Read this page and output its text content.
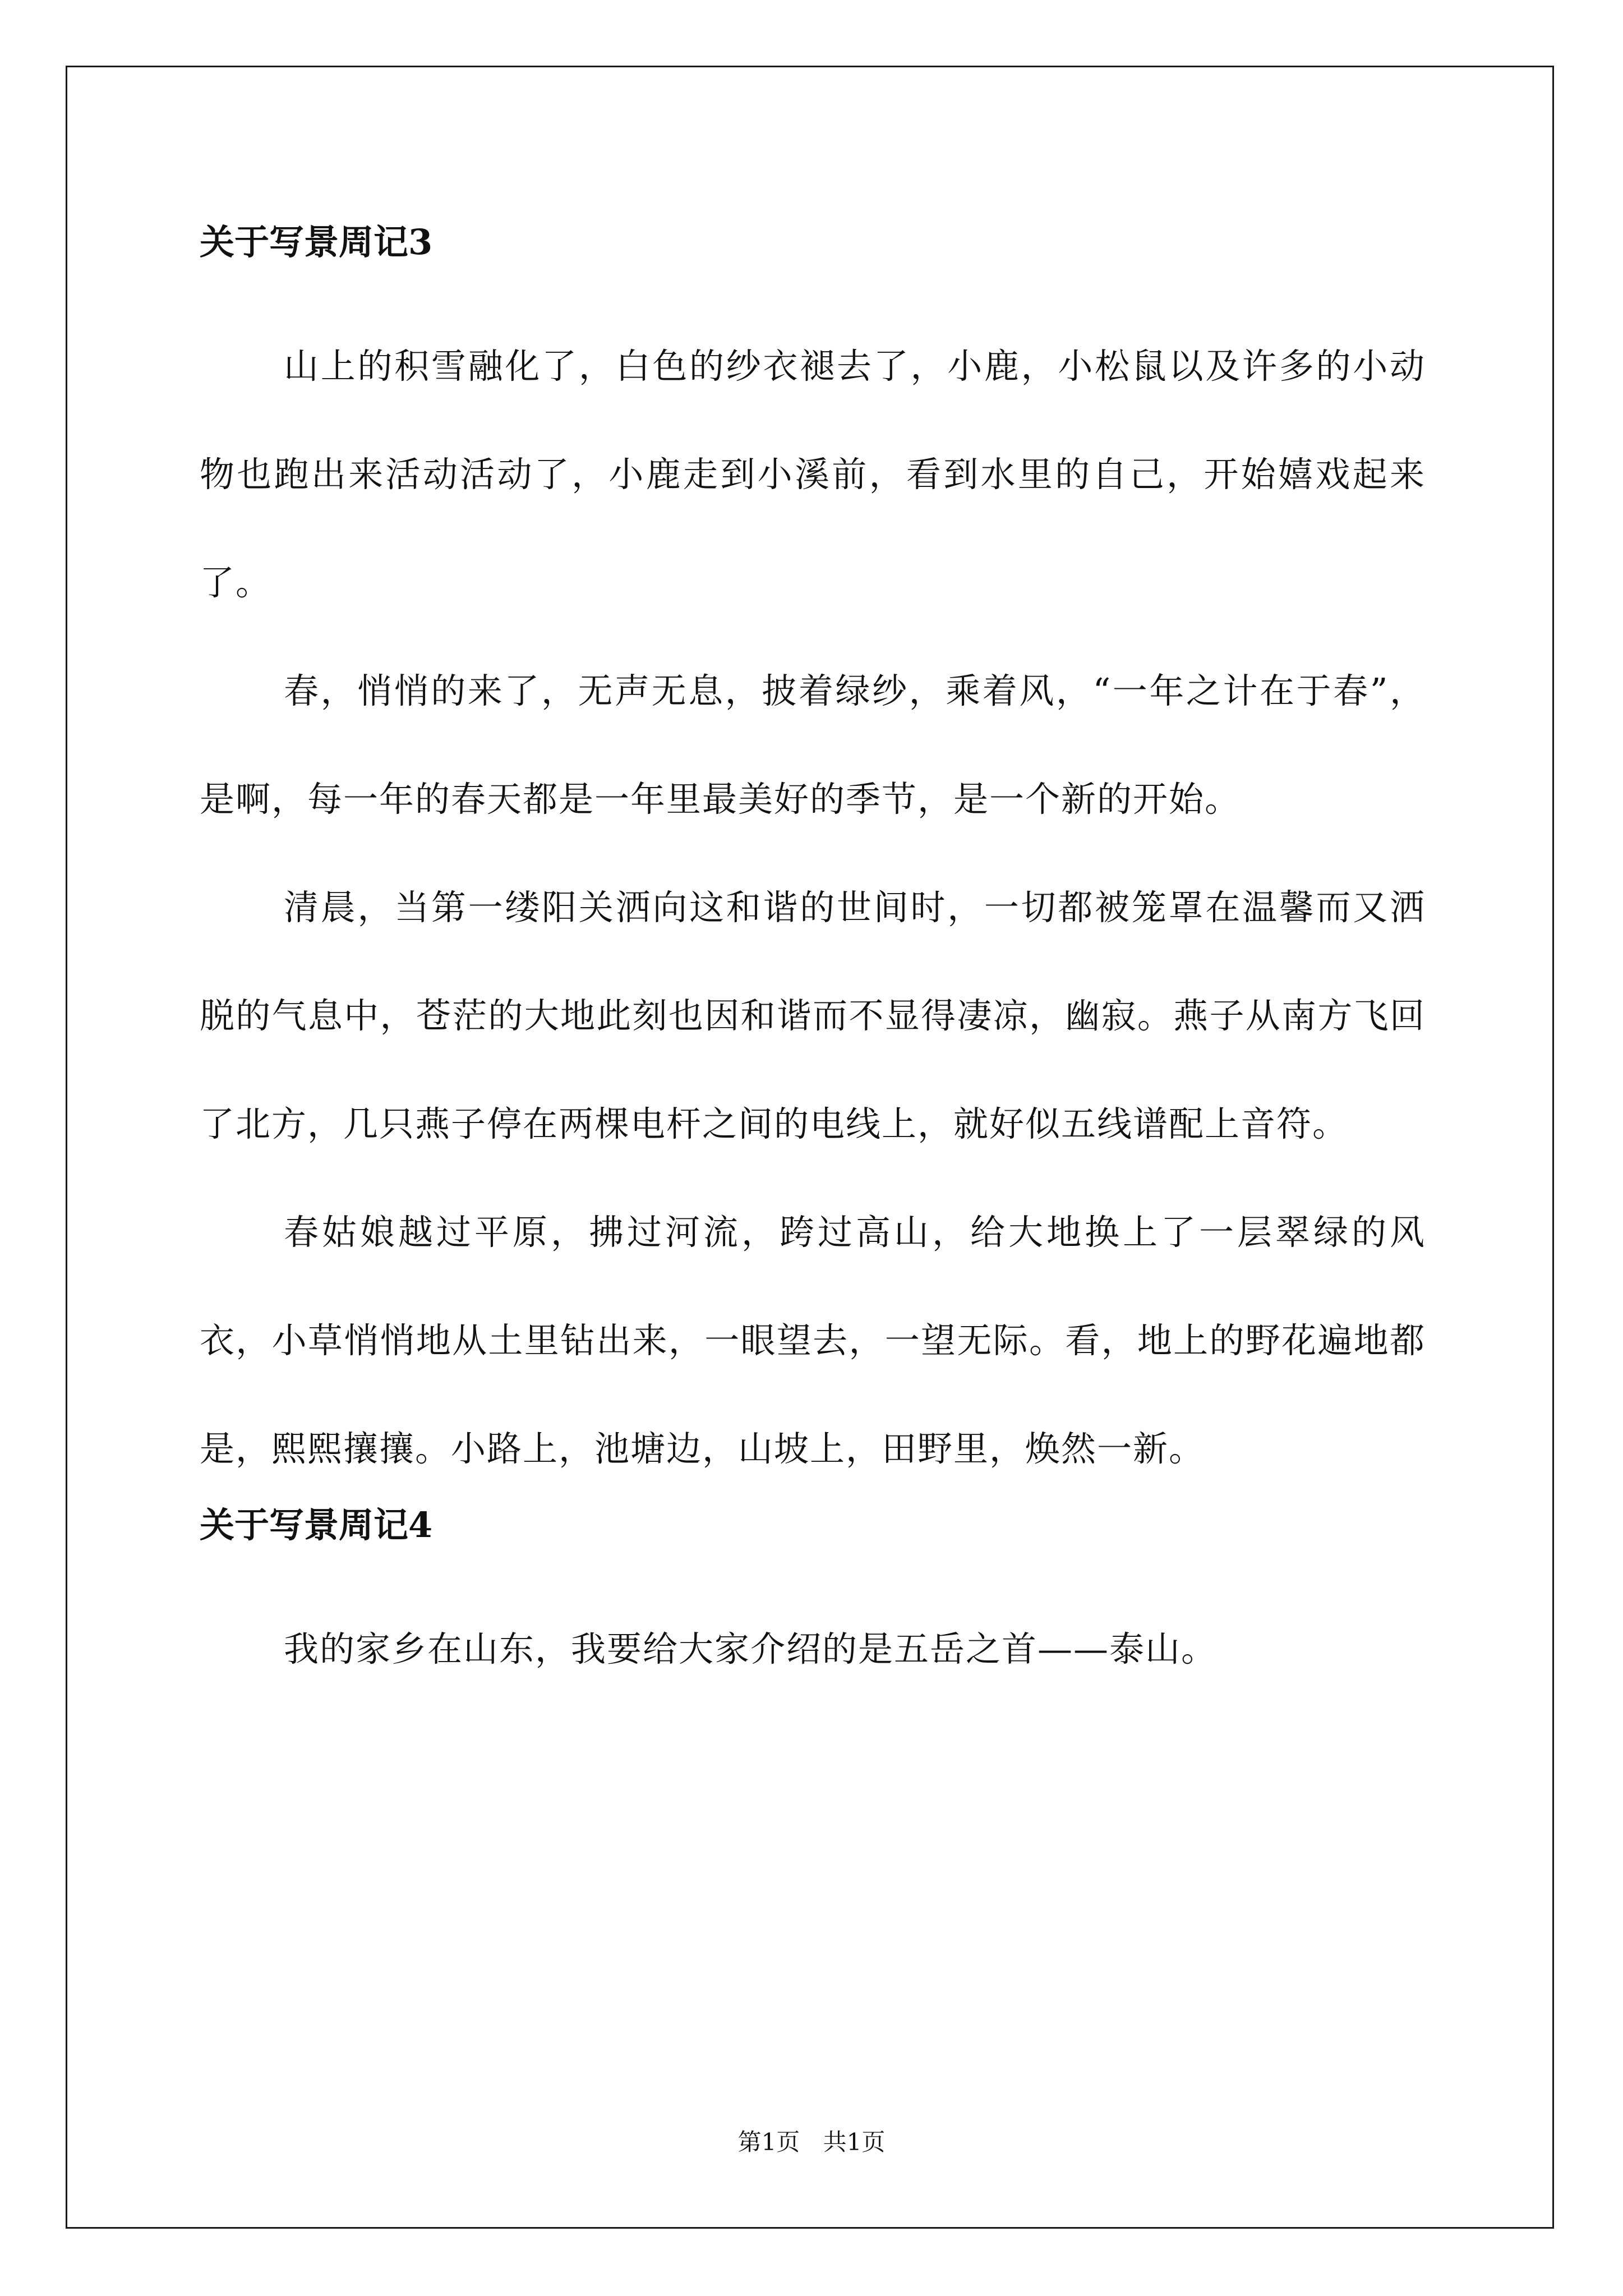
关于写景周记3

山上的积雪融化了，白色的纱衣褪去了，小鹿，小松鼠以及许多的小动物也跑出来活动活动了，小鹿走到小溪前，看到水里的自己，开始嬉戏起来了。

春，悄悄的来了，无声无息，披着绿纱，乘着风，“一年之计在于春”，是啊，每一年的春天都是一年里最美好的季节，是一个新的开始。

清晨，当第一缕阳关洒向这和谐的世间时，一切都被笼罩在温馨而又洒脱的气息中，苍茫的大地此刻也因和谐而不显得凄凉，幽寂。燕子从南方飞回了北方，几只燕子停在两棵电杆之间的电线上，就好似五线谱配上音符。

春姑娘越过平原，拂过河流，跨过高山，给大地换上了一层翠绿的风衣，小草悄悄地从土里钻出来，一眼望去，一望无际。看，地上的野花遍地都是，熙熙攘攘。小路上，池塘边，山坡上，田野里，焕然一新。

关于写景周记4

我的家乡在山东，我要给大家介绍的是五岳之首——泰山。

第1页 共1页
